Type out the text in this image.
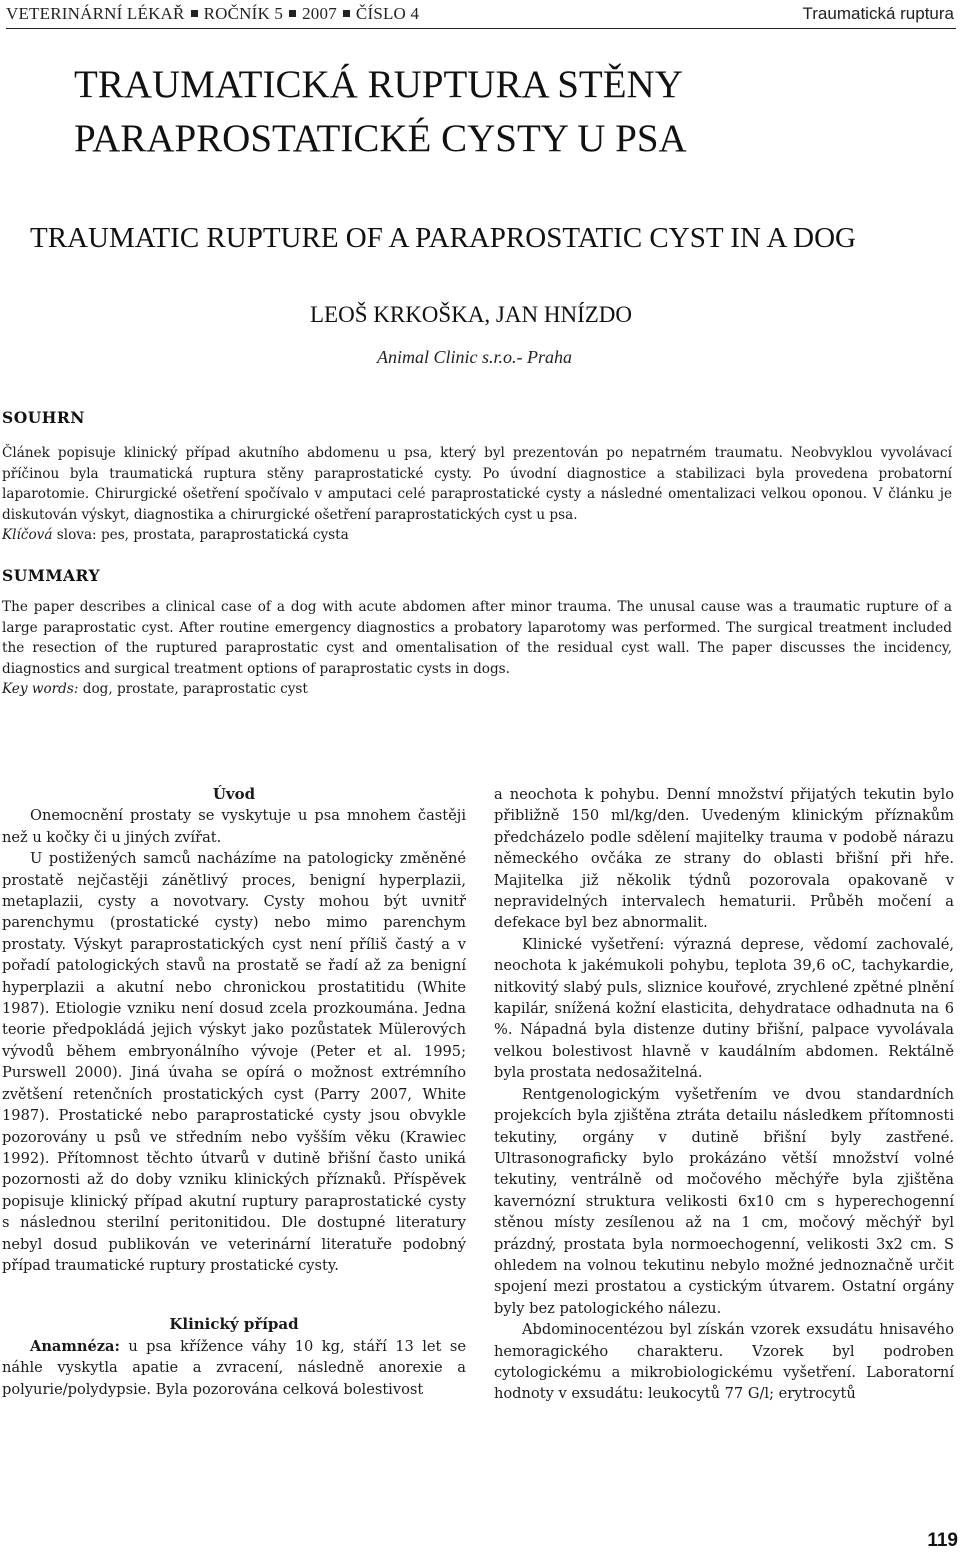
VETERINÁRNÍ LÉKAŘ ROČNÍK 5 2007 ČÍSLO 4	Traumatická ruptura
TRAUMATICKÁ RUPTURA STĚNY
PARAPROSTATICKÉ CYSTY U PSA
TRAUMATIC RUPTURE OF A PARAPROSTATIC CYST IN A DOG
LEOŠ KRKOŠKA, JAN HNÍZDO
Animal Clinic s.r.o.- Praha
SOUHRN

Článek popisuje klinický případ akutního abdomenu u psa, který byl prezentován po nepatrném traumatu. Neobvyklou vyvolávací příčinou byla traumatická ruptura stěny paraprostatické cysty. Po úvodní diagnostice a stabilizaci byla provedena probatorní laparotomie. Chirurgické ošetření spočívalo v amputaci celé paraprostatické cysty a následné omentalizaci velkou oponou. V článku je diskutován výskyt, diagnostika a chirurgické ošetření paraprostatických cyst u psa.

Klíčová slova: pes, prostata, paraprostatická cysta

SUMMARY

The paper describes a clinical case of a dog with acute abdomen after minor trauma. The unusal cause was a traumatic rupture of a large paraprostatic cyst. After routine emergency diagnostics a probatory laparotomy was performed. The surgical treatment included the resection of the ruptured paraprostatic cyst and omentalisation of the residual cyst wall. The paper discusses the incidency, diagnostics and surgical treatment options of paraprostatic cysts in dogs.

Key words: dog, prostate, paraprostatic cyst

Úvod

Onemocnění prostaty se vyskytuje u psa mnohem častěji než u kočky či u jiných zvířat.

U postižených samců nacházíme na patologicky změněné prostatě nejčastěji zánětlivý proces, benigní hyperplazii, metaplazii, cysty a novotvary. Cysty mohou být uvnitř parenchymu (prostatické cysty) nebo mimo parenchym prostaty. Výskyt paraprostatických cyst není příliš častý a v pořadí patologických stavů na prostatě se řadí až za benigní hyperplazii a akutní nebo chronickou prostatitidu (White 1987). Etiologie vzniku není dosud zcela prozkoumána. Jedna teorie předpokládá jejich výskyt jako pozůstatek Mülerových vývodů během embryonálního vývoje (Peter et al. 1995; Purswell 2000). Jiná úvaha se opírá o možnost extrémního zvětšení retenčních prostatických cyst (Parry 2007, White 1987). Prostatické nebo paraprostatické cysty jsou obvykle pozorovány u psů ve středním nebo vyšším věku (Krawiec 1992). Přítomnost těchto útvarů v dutině břišní často uniká pozornosti až do doby vzniku klinických příznaků. Příspěvek popisuje klinický případ akutní ruptury paraprostatické cysty s následnou sterilní peritonitidou. Dle dostupné literatury nebyl dosud publikován ve veterinární literatuře podobný případ traumatické ruptury prostatické cysty.

Klinický případ

Anamnéza: u psa křížence váhy 10 kg, stáří 13 let se náhle vyskytla apatie a zvracení, následně anorexie a polyurie/polydypsie. Byla pozorována celková bolestivost

a neochota k pohybu. Denní množství přijatých tekutin bylo přibližně 150 ml/kg/den. Uvedeným klinickým příznakům předcházelo podle sdělení majitelky trauma v podobě nárazu německého ovčáka ze strany do oblasti břišní při hře. Majitelka již několik týdnů pozorovala opakovaně v nepravidelných intervalech hematurii. Průběh močení a defekace byl bez abnormalit.

Klinické vyšetření: výrazná deprese, vědomí zachovalé, neochota k jakémukoli pohybu, teplota 39,6 oC, tachykardie, nitkovitý slabý puls, sliznice kouřové, zrychlené zpětné plnění kapilár, snížená kožní elasticita, dehydratace odhadnuta na 6 %. Nápadná byla distenze dutiny břišní, palpace vyvolávala velkou bolestivost hlavně v kaudálním abdomen. Rektálně byla prostata nedosažitelná.

Rentgenologickým vyšetřením ve dvou standardních projekcích byla zjištěna ztráta detailu následkem přítomnosti tekutiny, orgány v dutině břišní byly zastřené. Ultrasonograficky bylo prokázáno větší množství volné tekutiny, ventrálně od močového měchýře byla zjištěna kavernózní struktura velikosti 6x10 cm s hyperechogenní stěnou místy zesílenou až na 1 cm, močový měchýř byl prázdný, prostata byla normoechogenní, velikosti 3x2 cm. S ohledem na volnou tekutinu nebylo možné jednoznačně určit spojení mezi prostatou a cystickým útvarem. Ostatní orgány byly bez patologického nálezu.

Abdominocentézou byl získán vzorek exsudátu hnisavého hemoragického charakteru. Vzorek byl podroben cytologickému a mikrobiologickému vyšetření. Laboratorní hodnoty v exsudátu: leukocytů 77 G/l; erytrocytů

119
